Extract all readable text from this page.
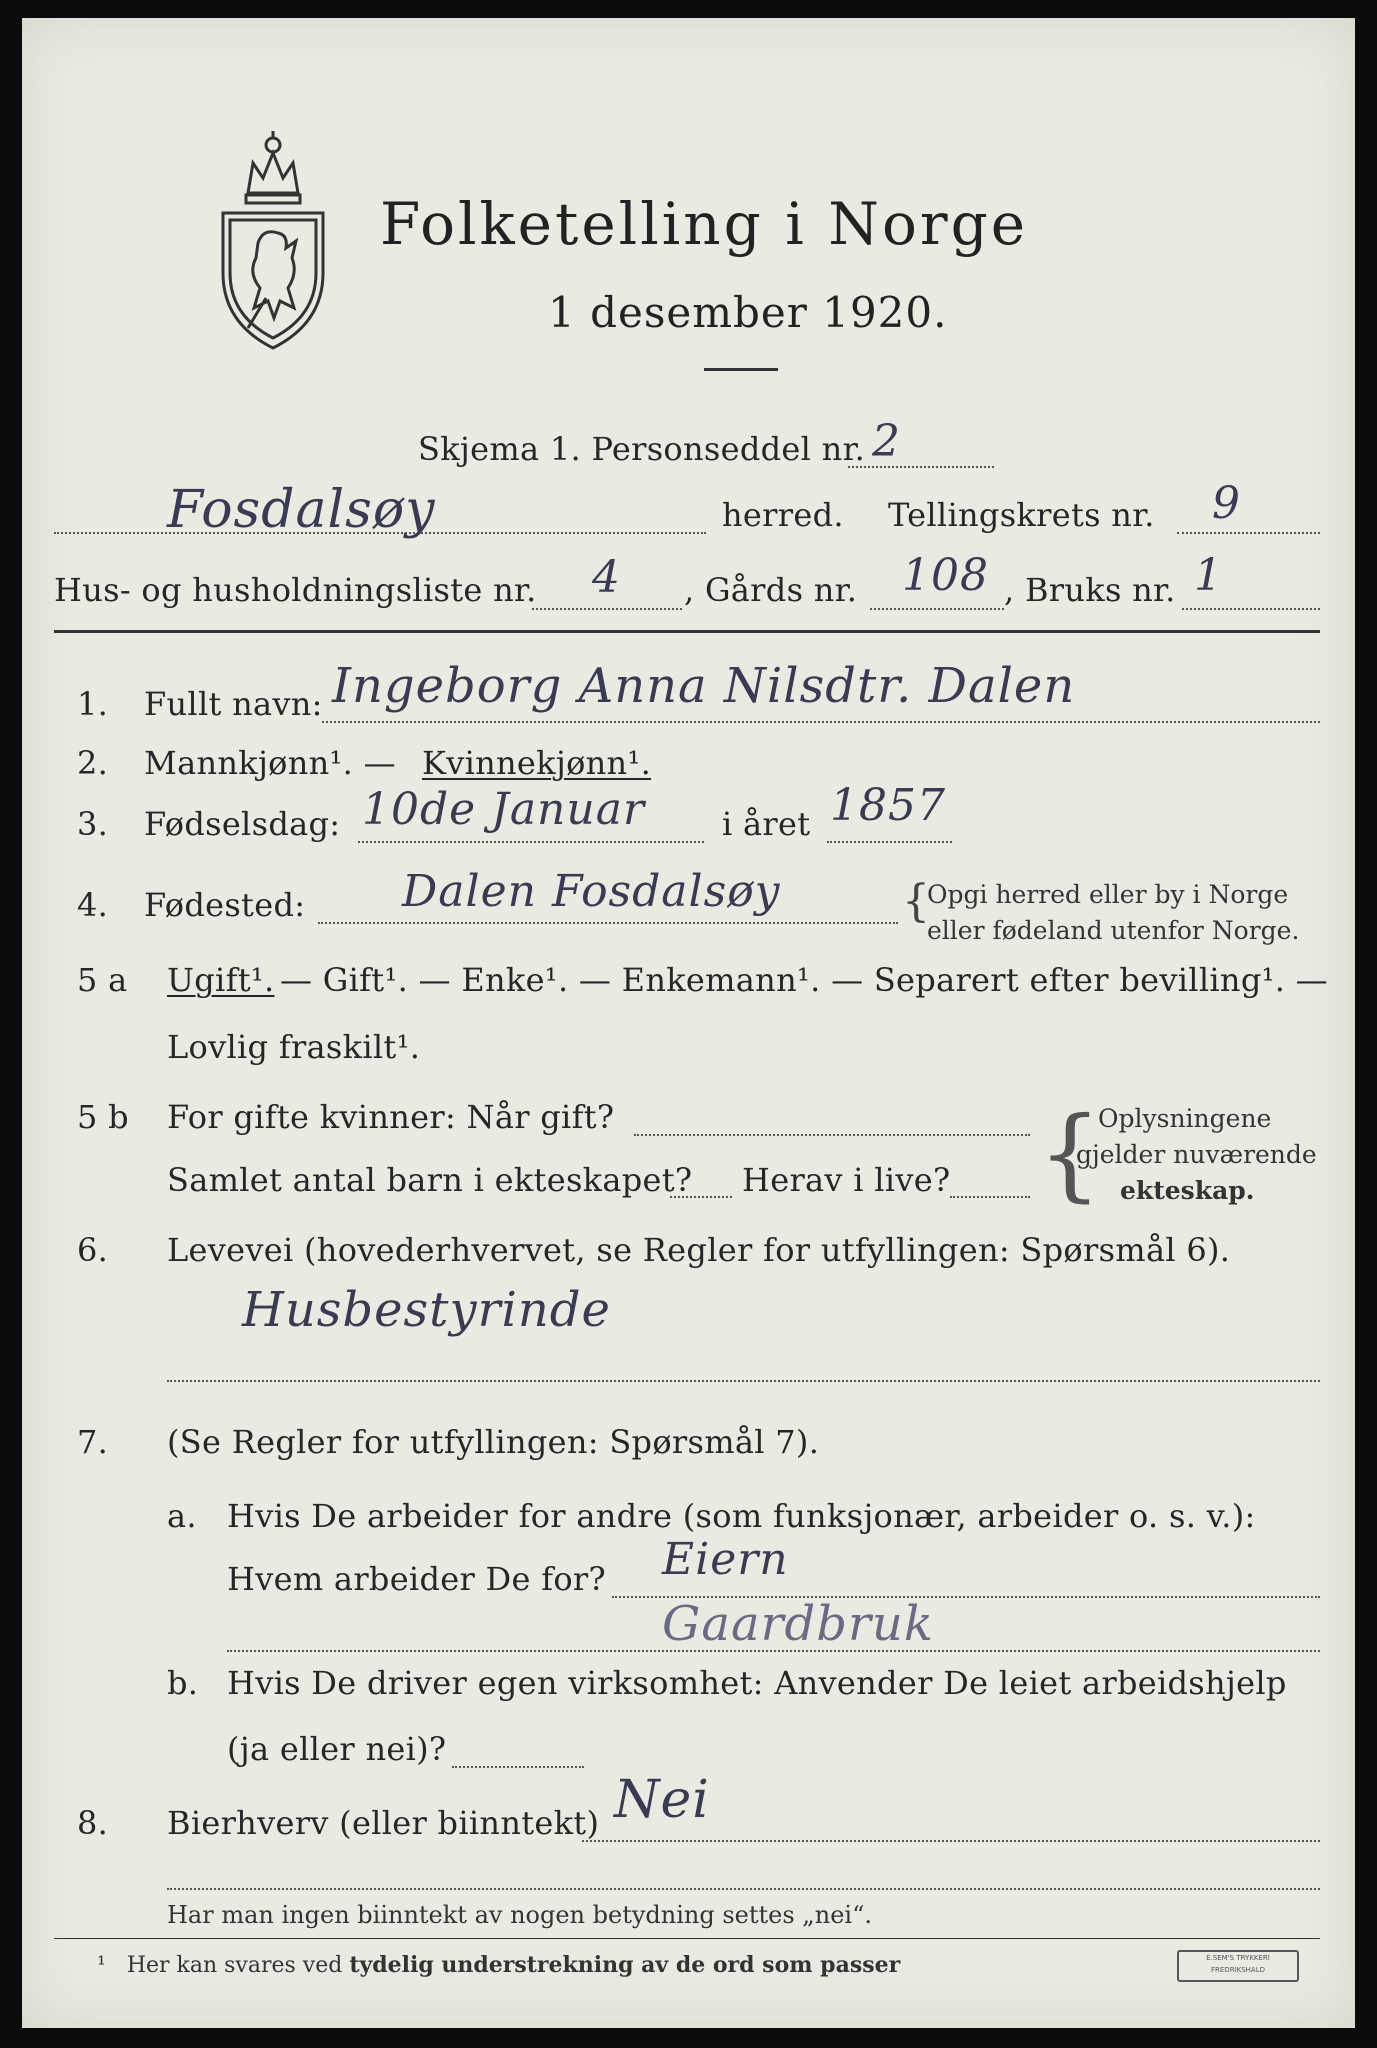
Folketelling i Norge
1 desember 1920.
Skjema 1. Personseddel nr. 2
Fosdalsøy	herred. Tellingskrets nr. 9
Hus- og husholdningsliste nr. 4 , Gårds nr. 108 , Bruks nr. 1
1. Fullt navn: Ingeborg Anna Nilsdtr. Dalen
2. Mannkjønn¹. — Kvinnekjønn¹.
3. Fødselsdag: 10de Januar i året 1857
4. Fødested: Dalen Fosdalsøy	{
Opgi herred eller by i Norge
eller fødeland utenfor Norge.
5 a Ugift¹. — Gift¹. — Enke¹. — Enkemann¹. — Separert efter bevilling¹. —
Lovlig fraskilt¹.
5 b For gifte kvinner: Når gift?
Samlet antal barn i ekteskapet? Herav i live? {
Oplysningene
gjelder nuværende
ekteskap.
6. Levevei (hovederhvervet, se Regler for utfyllingen: Spørsmål 6).
Husbestyrinde
7. (Se Regler for utfyllingen: Spørsmål 7).
a. Hvis De arbeider for andre (som funksjonær, arbeider o. s. v.):
Hvem arbeider De for? Eiern
Gaardbruk
b. Hvis De driver egen virksomhet: Anvender De leiet arbeidshjelp
(ja eller nei)?
8. Bierhverv (eller biinntekt) Nei
Har man ingen biinntekt av nogen betydning settes „nei“.
¹ Her kan svares ved tydelig understrekning av de ord som passer	E.SEM'S TRYKKERI
FREDRIKSHALD
